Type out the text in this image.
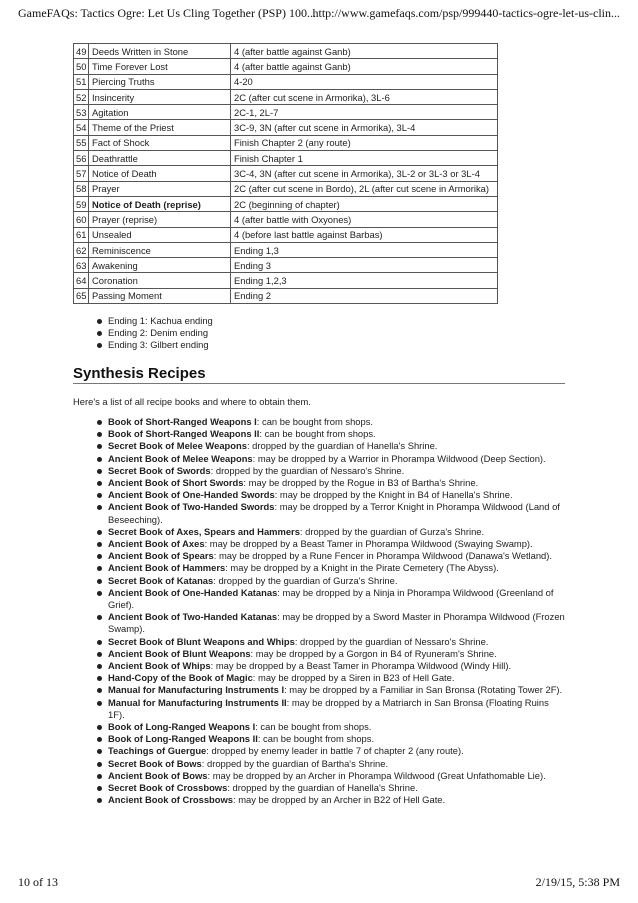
GameFAQs: Tactics Ogre: Let Us Cling Together (PSP) 100...
http://www.gamefaqs.com/psp/999440-tactics-ogre-let-us-clin...
49	Deeds Written in Stone	4 (after battle against Ganb)
50	Time Forever Lost	4 (after battle against Ganb)
51	Piercing Truths	4-20
52	Insincerity	2C (after cut scene in Armorika), 3L-6
53	Agitation	2C-1, 2L-7
54	Theme of the Priest	3C-9, 3N (after cut scene in Armorika), 3L-4
55	Fact of Shock	Finish Chapter 2 (any route)
56	Deathrattle	Finish Chapter 1
57	Notice of Death	3C-4, 3N (after cut scene in Armorika), 3L-2 or 3L-3 or 3L-4
58	Prayer	2C (after cut scene in Bordo), 2L (after cut scene in Armorika)
59	Notice of Death (reprise)	2C (beginning of chapter)
60	Prayer (reprise)	4 (after battle with Oxyones)
61	Unsealed	4 (before last battle against Barbas)
62	Reminiscence	Ending 1,3
63	Awakening	Ending 3
64	Coronation	Ending 1,2,3
65	Passing Moment	Ending 2
Ending 1: Kachua ending
Ending 2: Denim ending
Ending 3: Gilbert ending
Synthesis Recipes
Here's a list of all recipe books and where to obtain them.
Book of Short-Ranged Weapons I: can be bought from shops.
Book of Short-Ranged Weapons II: can be bought from shops.
Secret Book of Melee Weapons: dropped by the guardian of Hanella's Shrine.
Ancient Book of Melee Weapons: may be dropped by a Warrior in Phorampa Wildwood (Deep Section).
Secret Book of Swords: dropped by the guardian of Nessaro's Shrine.
Ancient Book of Short Swords: may be dropped by the Rogue in B3 of Bartha's Shrine.
Ancient Book of One-Handed Swords: may be dropped by the Knight in B4 of Hanella's Shrine.
Ancient Book of Two-Handed Swords: may be dropped by a Terror Knight in Phorampa Wildwood (Land of Beseeching).
Secret Book of Axes, Spears and Hammers: dropped by the guardian of Gurza's Shrine.
Ancient Book of Axes: may be dropped by a Beast Tamer in Phorampa Wildwood (Swaying Swamp).
Ancient Book of Spears: may be dropped by a Rune Fencer in Phorampa Wildwood (Danawa's Wetland).
Ancient Book of Hammers: may be dropped by a Knight in the Pirate Cemetery (The Abyss).
Secret Book of Katanas: dropped by the guardian of Gurza's Shrine.
Ancient Book of One-Handed Katanas: may be dropped by a Ninja in Phorampa Wildwood (Greenland of Grief).
Ancient Book of Two-Handed Katanas: may be dropped by a Sword Master in Phorampa Wildwood (Frozen Swamp).
Secret Book of Blunt Weapons and Whips: dropped by the guardian of Nessaro's Shrine.
Ancient Book of Blunt Weapons: may be dropped by a Gorgon in B4 of Ryuneram's Shrine.
Ancient Book of Whips: may be dropped by a Beast Tamer in Phorampa Wildwood (Windy Hill).
Hand-Copy of the Book of Magic: may be dropped by a Siren in B23 of Hell Gate.
Manual for Manufacturing Instruments I: may be dropped by a Familiar in San Bronsa (Rotating Tower 2F).
Manual for Manufacturing Instruments II: may be dropped by a Matriarch in San Bronsa (Floating Ruins 1F).
Book of Long-Ranged Weapons I: can be bought from shops.
Book of Long-Ranged Weapons II: can be bought from shops.
Teachings of Guergue: dropped by enemy leader in battle 7 of chapter 2 (any route).
Secret Book of Bows: dropped by the guardian of Bartha's Shrine.
Ancient Book of Bows: may be dropped by an Archer in Phorampa Wildwood (Great Unfathomable Lie).
Secret Book of Crossbows: dropped by the guardian of Hanella's Shrine.
Ancient Book of Crossbows: may be dropped by an Archer in B22 of Hell Gate.
10 of 13	2/19/15, 5:38 PM
